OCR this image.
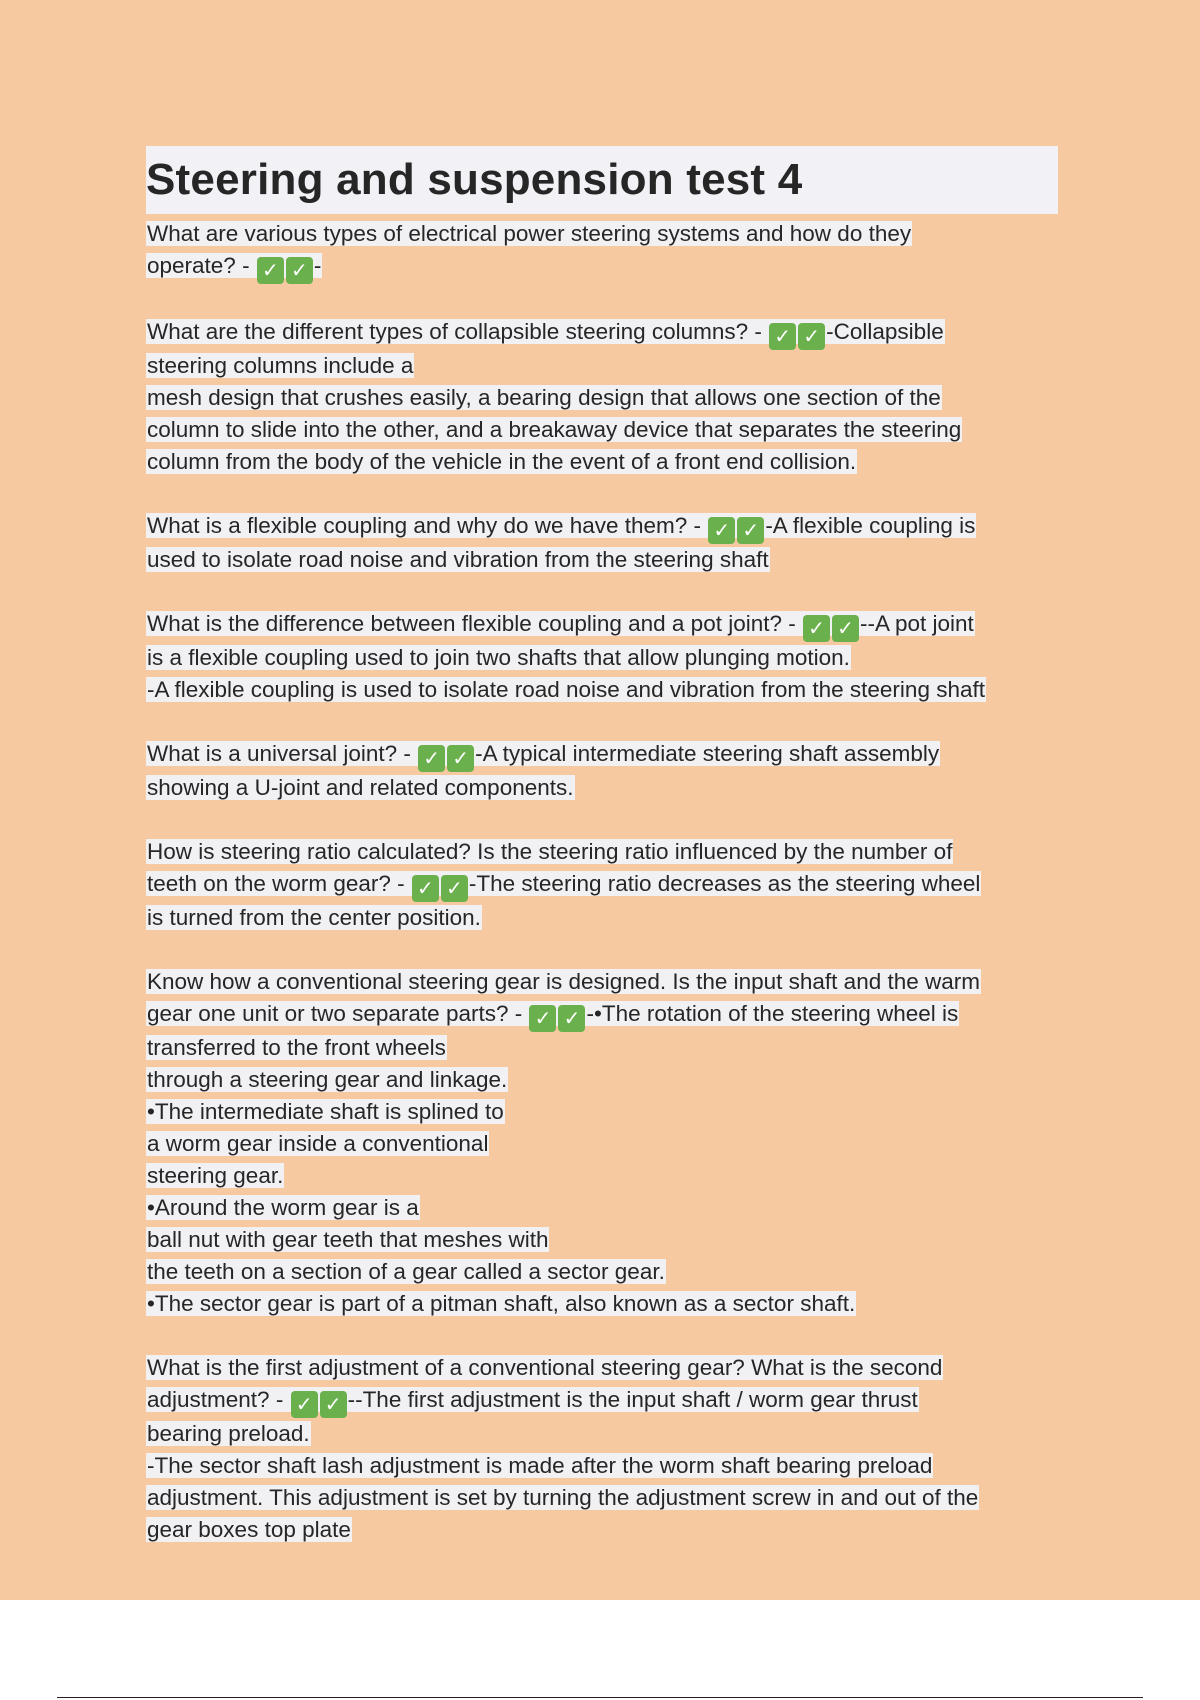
Steering and suspension test 4
What are various types of electrical power steering systems and how do they
operate? - ✓ ✓ -
What are the different types of collapsible steering columns? - ✓ ✓ -Collapsible
steering columns include a
mesh design that crushes easily, a bearing design that allows one section of the
column to slide into the other, and a breakaway device that separates the steering
column from the body of the vehicle in the event of a front end collision.
What is a flexible coupling and why do we have them? - ✓ ✓ -A flexible coupling is
used to isolate road noise and vibration from the steering shaft
What is the difference between flexible coupling and a pot joint? - ✓ ✓ --A pot joint
is a flexible coupling used to join two shafts that allow plunging motion.
-A flexible coupling is used to isolate road noise and vibration from the steering shaft
What is a universal joint? - ✓ ✓ -A typical intermediate steering shaft assembly
showing a U-joint and related components.
How is steering ratio calculated? Is the steering ratio influenced by the number of
teeth on the worm gear? - ✓ ✓ -The steering ratio decreases as the steering wheel
is turned from the center position.
Know how a conventional steering gear is designed. Is the input shaft and the warm
gear one unit or two separate parts? - ✓ ✓ -•The rotation of the steering wheel is
transferred to the front wheels
through a steering gear and linkage.
•The intermediate shaft is splined to
a worm gear inside a conventional
steering gear.
•Around the worm gear is a
ball nut with gear teeth that meshes with
the teeth on a section of a gear called a sector gear.
•The sector gear is part of a pitman shaft, also known as a sector shaft.
What is the first adjustment of a conventional steering gear? What is the second
adjustment? - ✓ ✓ --The first adjustment is the input shaft / worm gear thrust
bearing preload.
-The sector shaft lash adjustment is made after the worm shaft bearing preload
adjustment. This adjustment is set by turning the adjustment screw in and out of the
gear boxes top plate
